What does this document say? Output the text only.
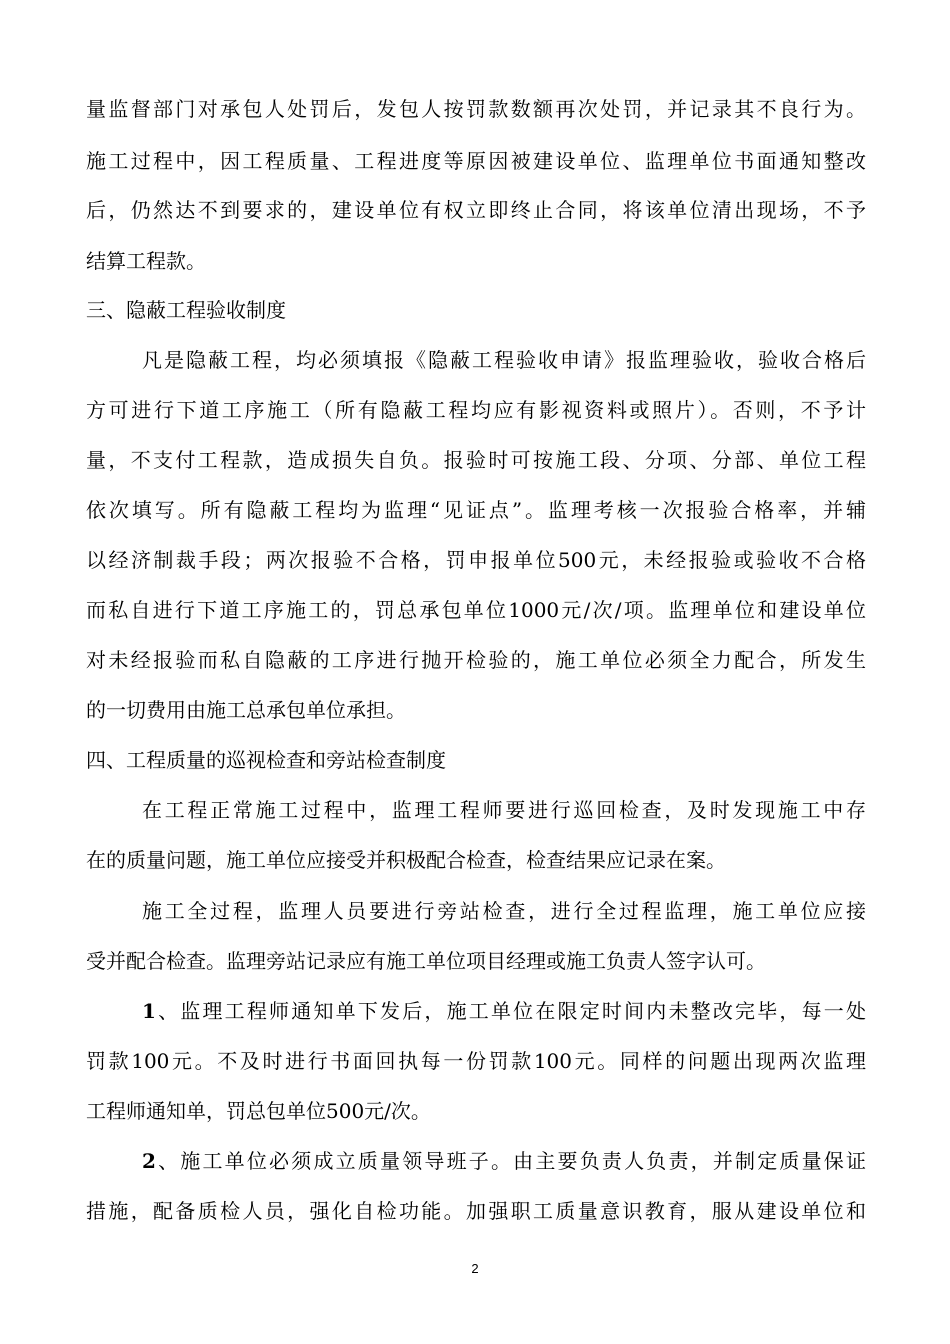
量监督部门对承包人处罚后，发包人按罚款数额再次处罚，并记录其不良行为。
施工过程中，因工程质量、工程进度等原因被建设单位、监理单位书面通知整改
后，仍然达不到要求的，建设单位有权立即终止合同，将该单位清出现场，不予
结算工程款。
三、隐蔽工程验收制度
凡是隐蔽工程，均必须填报《隐蔽工程验收申请》报监理验收，验收合格后
方可进行下道工序施工（所有隐蔽工程均应有影视资料或照片）。否则，不予计
量，不支付工程款，造成损失自负。报验时可按施工段、分项、分部、单位工程
依次填写。所有隐蔽工程均为监理“见证点”。监理考核一次报验合格率，并辅
以经济制裁手段；两次报验不合格，罚申报单位500元，未经报验或验收不合格
而私自进行下道工序施工的，罚总承包单位1000元/次/项。监理单位和建设单位
对未经报验而私自隐蔽的工序进行抛开检验的，施工单位必须全力配合，所发生
的一切费用由施工总承包单位承担。
四、工程质量的巡视检查和旁站检查制度
在工程正常施工过程中，监理工程师要进行巡回检查，及时发现施工中存
在的质量问题，施工单位应接受并积极配合检查，检查结果应记录在案。
施工全过程，监理人员要进行旁站检查，进行全过程监理，施工单位应接
受并配合检查。监理旁站记录应有施工单位项目经理或施工负责人签字认可。
1、监理工程师通知单下发后，施工单位在限定时间内未整改完毕，每一处
罚款100元。不及时进行书面回执每一份罚款100元。同样的问题出现两次监理
工程师通知单，罚总包单位500元/次。
2、施工单位必须成立质量领导班子。由主要负责人负责，并制定质量保证
措施，配备质检人员，强化自检功能。加强职工质量意识教育，服从建设单位和
2
